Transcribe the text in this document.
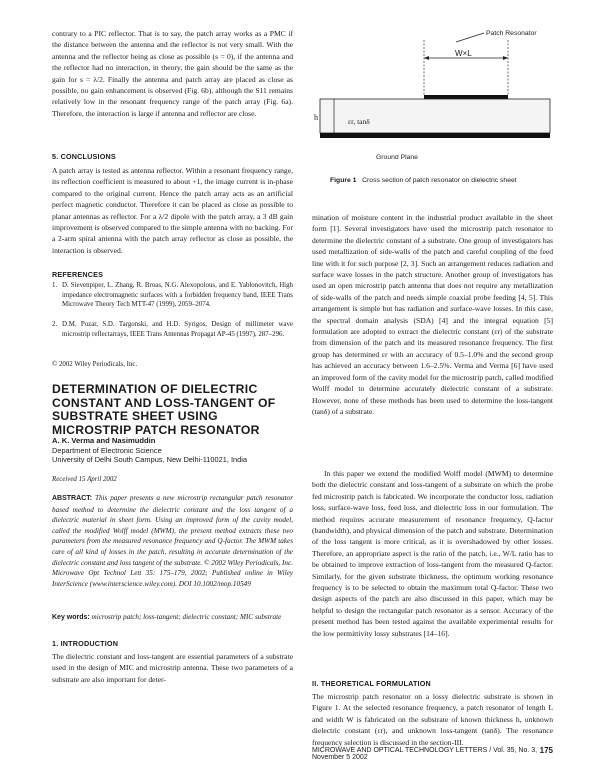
contrary to a PIC reflector. That is to say, the patch array works as a PMC if the distance between the antenna and the reflector is not very small. With the antenna and the reflector being as close as possible (s = 0), if the antenna and the reflector had no interaction, in theory, the gain should be the same as the gain for s = λ/2. Finally the antenna and patch array are placed as close as possible, no gain enhancement is observed (Fig. 6b), although the S11 remains relatively low in the resonant frequency range of the patch array (Fig. 6a). Therefore, the interaction is large if antenna and reflector are close.

5. CONCLUSIONS

A patch array is tested as antenna reflector. Within a resonant frequency range, its reflection coefficient is measured to about +1, the image current is in-phase compared to the original current. Hence the patch array acts as an artificial perfect magnetic conductor. Therefore it can be placed as close as possible to planar antennas as reflector. For a λ/2 dipole with the patch array, a 3 dB gain improvement is observed compared to the simple antenna with no backing. For a 2-arm spiral antenna with the patch array reflector as close as possible, the interaction is observed.

REFERENCES
1. D. Sievenpiper, L. Zhang, R. Broas, N.G. Alexopolous, and E. Yablonovitch, High impedance electromagnetic surfaces with a forbidden frequency band, IEEE Trans Microwave Theory Tech MTT-47 (1999), 2059–2074.
2. D.M. Pozar, S.D. Targonski, and H.D. Syrigos, Design of millimeter wave microstrip reflectarrays, IEEE Trans Antennas Propagat AP-45 (1997), 287–296.
© 2002 Wiley Periodicals, Inc.
DETERMINATION OF DIELECTRIC CONSTANT AND LOSS-TANGENT OF SUBSTRATE SHEET USING MICROSTRIP PATCH RESONATOR
A. K. Verma and Nasimuddin
Department of Electronic Science
University of Delhi South Campus, New Delhi-110021, India
Received 15 April 2002

ABSTRACT: This paper presents a new microstrip rectangular patch resonator based method to determine the dielectric constant and the loss tangent of a dielectric material in sheet form. Using an improved form of the cavity model, called the modified Wolff model (MWM), the present method extracts these two parameters from the measured resonance frequency and Q-factor. The MWM takes care of all kind of losses in the patch, resulting in accurate determination of the dielectric constant and loss tangent of the substrate. © 2002 Wiley Periodicals, Inc. Microwave Opt Technol Lett 35: 175–179, 2002; Published online in Wiley InterScience (www.interscience.wiley.com). DOI 10.1002/mop.10549

Key words: microstrip patch; loss-tangent; dielectric constant; MIC substrate

1. INTRODUCTION

The dielectric constant and loss-tangent are essential parameters of a substrate used in the design of MIC and microstrip antenna. These two parameters of a substrate are also important for deter-

Patch Resonator
W×L
εr, tanδ
h
Ground Plane
Figure 1 Cross section of patch resonator on dielectric sheet

mination of moisture content in the industrial product available in the sheet form [1]. Several investigators have used the microstrip patch resonator to determine the dielectric constant of a substrate. One group of investigators has used metallization of side-walls of the patch and careful coupling of the feed line with it for such purpose [2, 3]. Such an arrangement reduces radiation and surface wave losses in the patch structure. Another group of investigators has used an open microstrip patch antenna that does not require any metallization of side-walls of the patch and needs simple coaxial probe feeding [4, 5]. This arrangement is simple but has radiation and surface-wave losses. In this case, the spectral domain analysis (SDA) [4] and the integral equation [5] formulation are adopted to extract the dielectric constant (εr) of the substrate from dimension of the patch and its measured resonance frequency. The first group has determined εr with an accuracy of 0.5–1.0% and the second group has achieved an accuracy between 1.6–2.5%. Verma and Verma [6] have used an improved form of the cavity model for the microstrip patch, called modified Wolff model to determine accurately dielectric constant of a substrate. However, none of these methods has been used to determine the loss-tangent (tanδ) of a substrate.

In this paper we extend the modified Wolff model (MWM) to determine both the dielectric constant and loss-tangent of a substrate on which the probe fed microstrip patch is fabricated. We incorporate the conductor loss, radiation loss, surface-wave loss, feed loss, and dielectric loss in our formulation. The method requires accurate measurement of resonance frequency, Q-factor (bandwidth), and physical dimension of the patch and substrate. Determination of the loss tangent is more critical, as it is overshadowed by other losses. Therefore, an appropriate aspect is the ratio of the patch, i.e., W/L ratio has to be obtained to improve extraction of loss-tangent from the measured Q-factor. Similarly, for the given substrate thickness, the optimum working resonance frequency is to be selected to obtain the maximum total Q-factor. These two design aspects of the patch are also discussed in this paper, which may be helpful to design the rectangular patch resonator as a sensor. Accuracy of the present method has been tested against the available experimental results for the low permittivity lossy substrates [14–16].

II. THEORETICAL FORMULATION

The microstrip patch resonator on a lossy dielectric substrate is shown in Figure 1. At the selected resonance frequency, a patch resonator of length L and width W is fabricated on the substrate of known thickness h, unknown dielectric constant (εr), and unknown loss-tangent (tanδ). The resonance frequency selection is discussed in the section-III.

MICROWAVE AND OPTICAL TECHNOLOGY LETTERS / Vol. 35, No. 3, November 5 2002
175
